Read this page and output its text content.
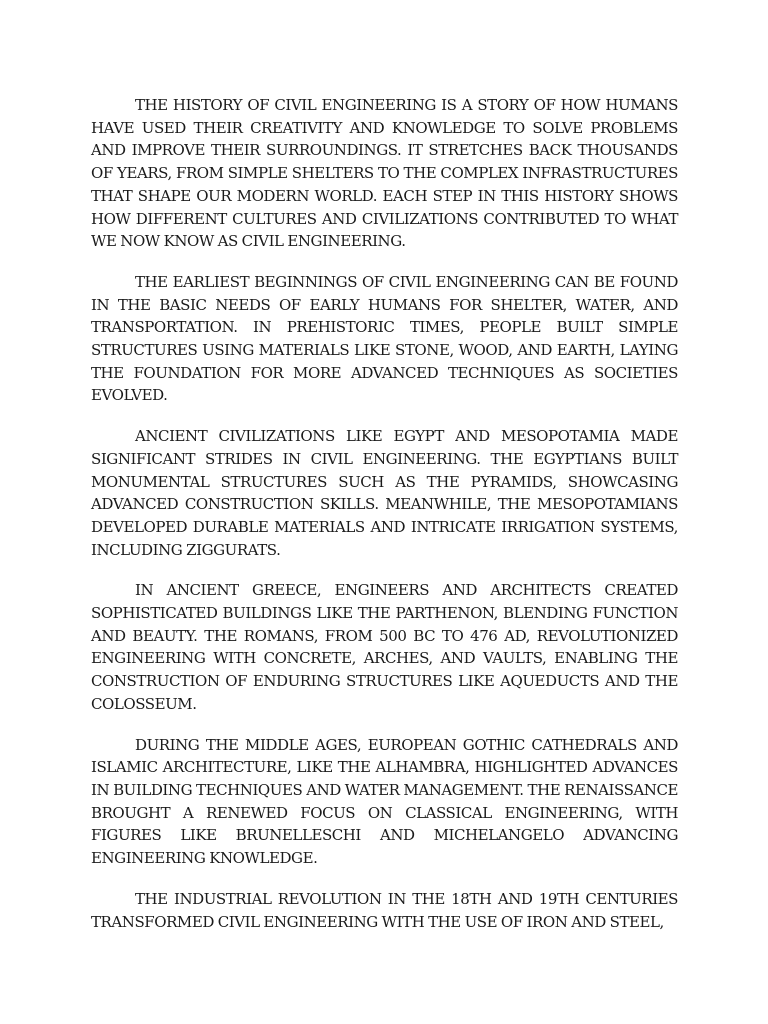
THE HISTORY OF CIVIL ENGINEERING IS A STORY OF HOW HUMANS HAVE USED THEIR CREATIVITY AND KNOWLEDGE TO SOLVE PROBLEMS AND IMPROVE THEIR SURROUNDINGS. IT STRETCHES BACK THOUSANDS OF YEARS, FROM SIMPLE SHELTERS TO THE COMPLEX INFRASTRUCTURES THAT SHAPE OUR MODERN WORLD. EACH STEP IN THIS HISTORY SHOWS HOW DIFFERENT CULTURES AND CIVILIZATIONS CONTRIBUTED TO WHAT WE NOW KNOW AS CIVIL ENGINEERING.

THE EARLIEST BEGINNINGS OF CIVIL ENGINEERING CAN BE FOUND IN THE BASIC NEEDS OF EARLY HUMANS FOR SHELTER, WATER, AND TRANSPORTATION. IN PREHISTORIC TIMES, PEOPLE BUILT SIMPLE STRUCTURES USING MATERIALS LIKE STONE, WOOD, AND EARTH, LAYING THE FOUNDATION FOR MORE ADVANCED TECHNIQUES AS SOCIETIES EVOLVED.

ANCIENT CIVILIZATIONS LIKE EGYPT AND MESOPOTAMIA MADE SIGNIFICANT STRIDES IN CIVIL ENGINEERING. THE EGYPTIANS BUILT MONUMENTAL STRUCTURES SUCH AS THE PYRAMIDS, SHOWCASING ADVANCED CONSTRUCTION SKILLS. MEANWHILE, THE MESOPOTAMIANS DEVELOPED DURABLE MATERIALS AND INTRICATE IRRIGATION SYSTEMS, INCLUDING ZIGGURATS.

IN ANCIENT GREECE, ENGINEERS AND ARCHITECTS CREATED SOPHISTICATED BUILDINGS LIKE THE PARTHENON, BLENDING FUNCTION AND BEAUTY. THE ROMANS, FROM 500 BC TO 476 AD, REVOLUTIONIZED ENGINEERING WITH CONCRETE, ARCHES, AND VAULTS, ENABLING THE CONSTRUCTION OF ENDURING STRUCTURES LIKE AQUEDUCTS AND THE COLOSSEUM.

DURING THE MIDDLE AGES, EUROPEAN GOTHIC CATHEDRALS AND ISLAMIC ARCHITECTURE, LIKE THE ALHAMBRA, HIGHLIGHTED ADVANCES IN BUILDING TECHNIQUES AND WATER MANAGEMENT. THE RENAISSANCE BROUGHT A RENEWED FOCUS ON CLASSICAL ENGINEERING, WITH FIGURES LIKE BRUNELLESCHI AND MICHELANGELO ADVANCING ENGINEERING KNOWLEDGE.

THE INDUSTRIAL REVOLUTION IN THE 18TH AND 19TH CENTURIES TRANSFORMED CIVIL ENGINEERING WITH THE USE OF IRON AND STEEL,
